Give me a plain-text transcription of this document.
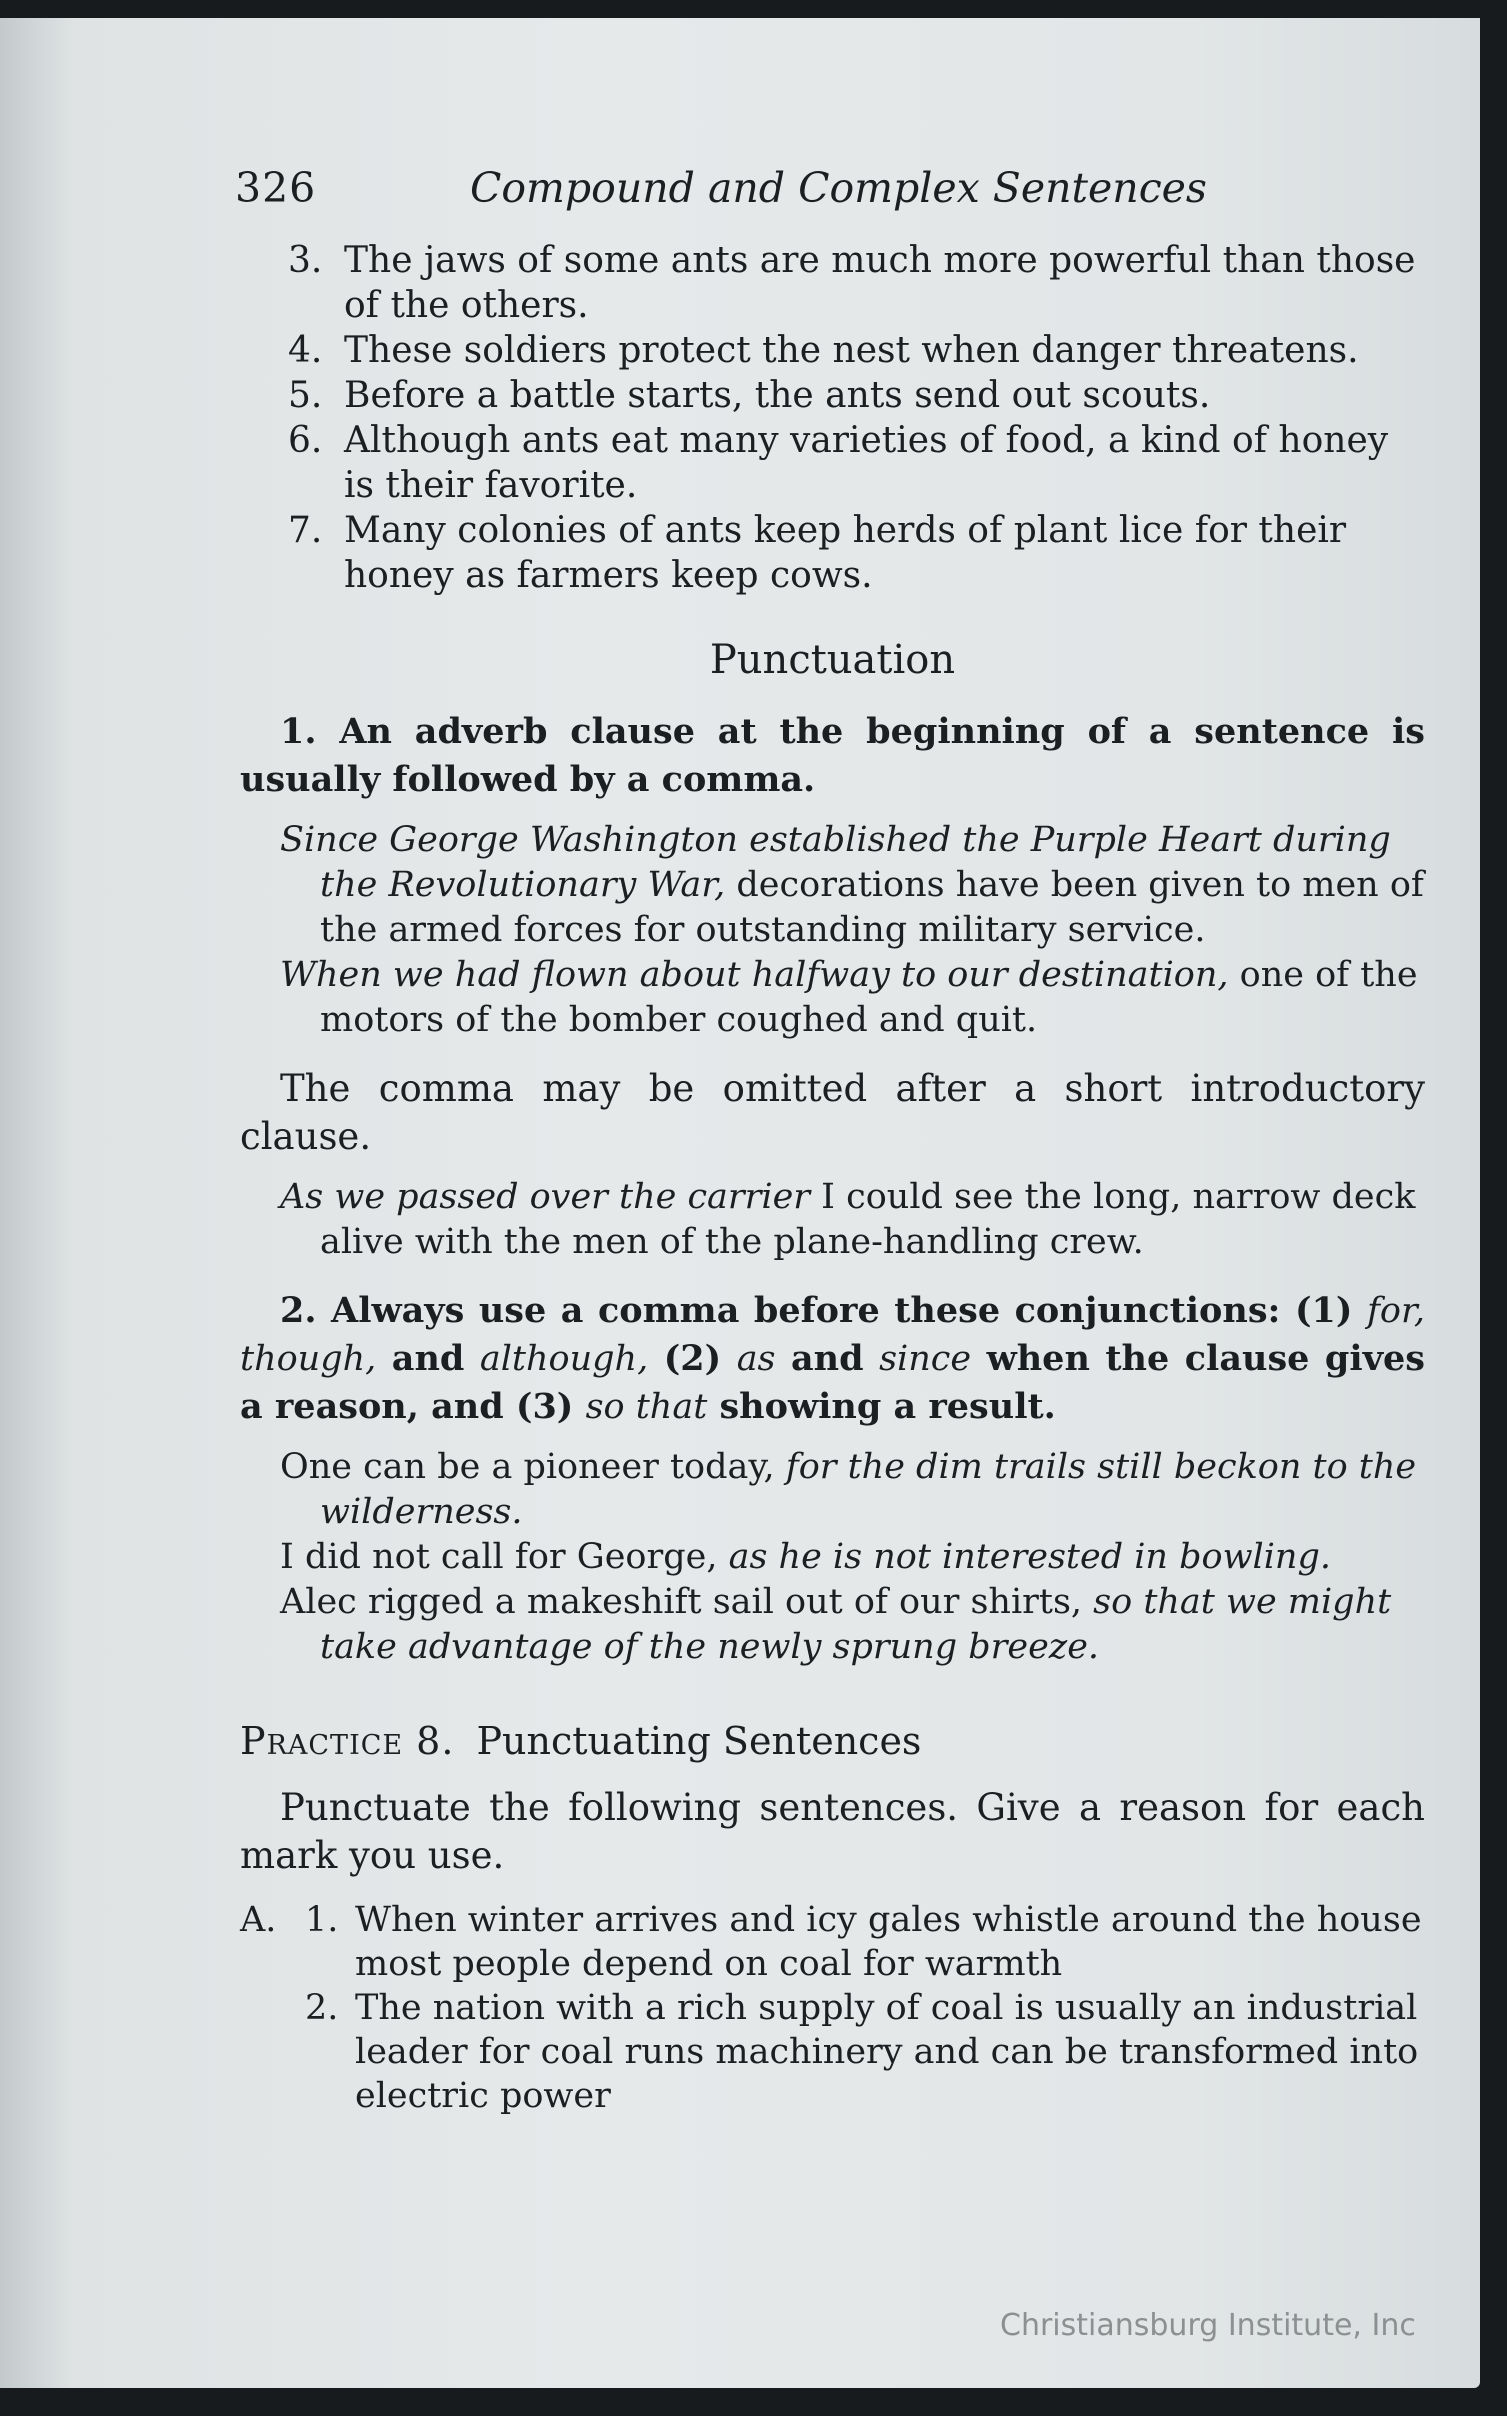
326	Compound and Complex Sentences
3. The jaws of some ants are much more powerful than those of the others.
4. These soldiers protect the nest when danger threatens.
5. Before a battle starts, the ants send out scouts.
6. Although ants eat many varieties of food, a kind of honey is their favorite.
7. Many colonies of ants keep herds of plant lice for their honey as farmers keep cows.
Punctuation

1. An adverb clause at the beginning of a sentence is usually followed by a comma.

Since George Washington established the Purple Heart during the Revolutionary War, decorations have been given to men of the armed forces for outstanding military service.

When we had flown about halfway to our destination, one of the motors of the bomber coughed and quit.

The comma may be omitted after a short introductory clause.

As we passed over the carrier I could see the long, narrow deck alive with the men of the plane-handling crew.

2. Always use a comma before these conjunctions: (1) for, though, and although, (2) as and since when the clause gives a reason, and (3) so that showing a result.

One can be a pioneer today, for the dim trails still beckon to the wilderness.

I did not call for George, as he is not interested in bowling.

Alec rigged a makeshift sail out of our shirts, so that we might take advantage of the newly sprung breeze.

Practice 8. Punctuating Sentences

Punctuate the following sentences. Give a reason for each mark you use.

A. 1. When winter arrives and icy gales whistle around the house most people depend on coal for warmth
2. The nation with a rich supply of coal is usually an industrial leader for coal runs machinery and can be transformed into electric power
Christiansburg Institute, Inc
